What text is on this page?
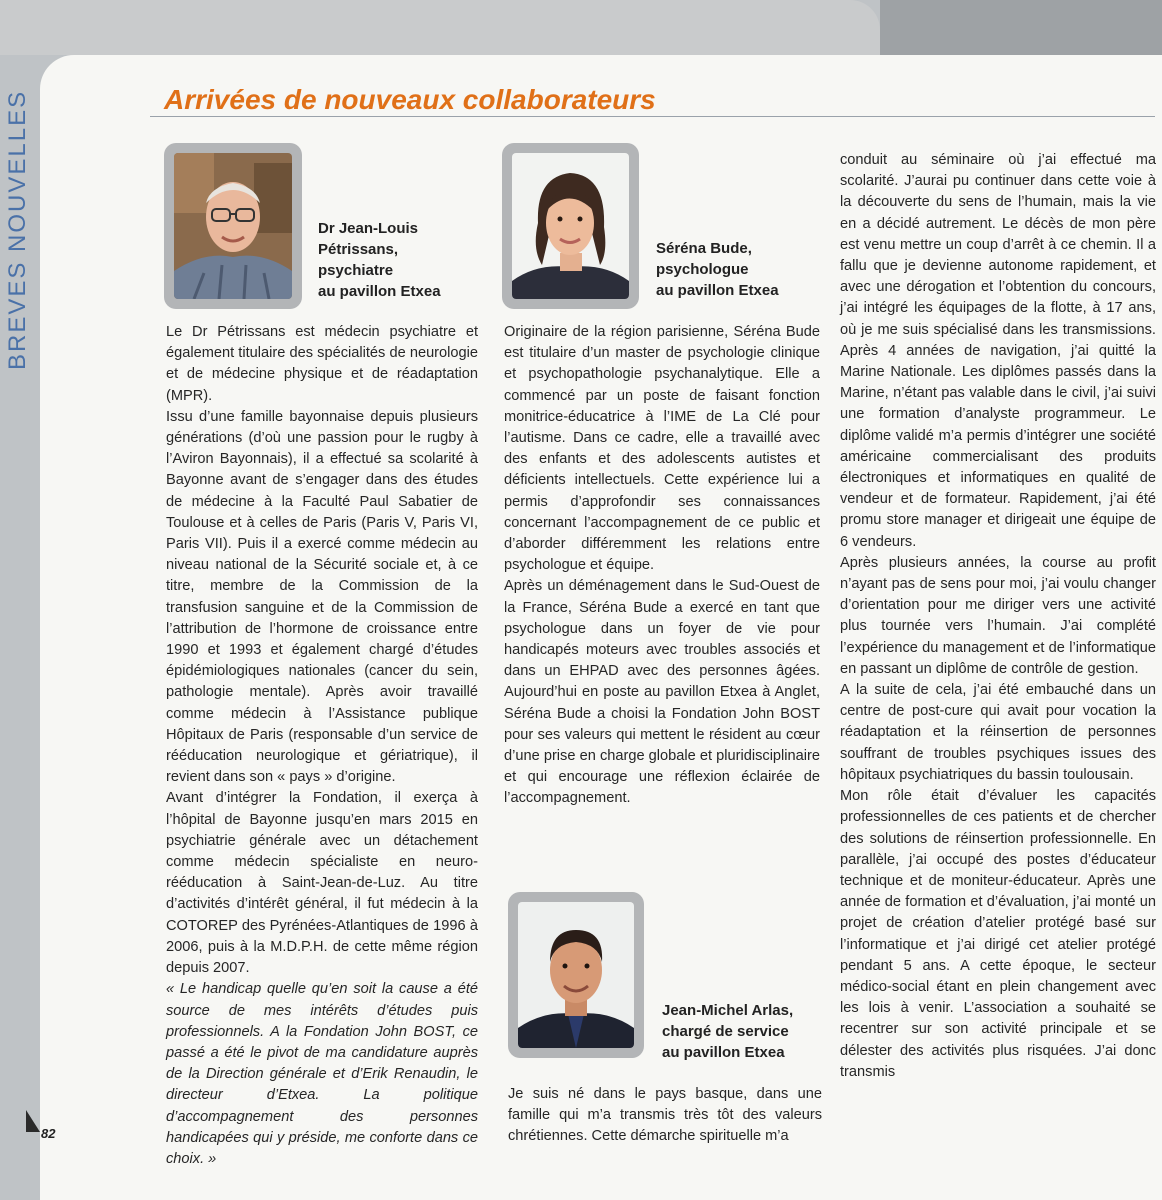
BREVES NOUVELLES	Arrivées de nouveaux collaborateurs
Dr Jean-Louis
Pétrissans,
psychiatre
au pavillon Etxea
Séréna Bude,
psychologue
au pavillon Etxea
Jean-Michel Arlas,
chargé de service
au pavillon Etxea

Le Dr Pétrissans est médecin psychiatre et également titulaire des spécialités de neurologie et de médecine physique et de réadaptation (MPR).

Issu d’une famille bayonnaise depuis plusieurs générations (d’où une passion pour le rugby à l’Aviron Bayonnais), il a effectué sa scolarité à Bayonne avant de s’engager dans des études de médecine à la Faculté Paul Sabatier de Toulouse et à celles de Paris (Paris V, Paris VI, Paris VII). Puis il a exercé comme médecin au niveau national de la Sécurité sociale et, à ce titre, membre de la Commission de la transfusion sanguine et de la Commission de l’attribution de l’hormone de croissance entre 1990 et 1993 et également chargé d’études épidémiologiques nationales (cancer du sein, pathologie mentale). Après avoir travaillé comme médecin à l’Assistance publique Hôpitaux de Paris (responsable d’un service de rééducation neurologique et gériatrique), il revient dans son « pays » d’origine.

Avant d’intégrer la Fondation, il exerça à l’hôpital de Bayonne jusqu’en mars 2015 en psychiatrie générale avec un détachement comme médecin spécialiste en neuro-rééducation à Saint-Jean-de-Luz. Au titre d’activités d’intérêt général, il fut médecin à la COTOREP des Pyrénées-Atlantiques de 1996 à 2006, puis à la M.D.P.H. de cette même région depuis 2007.

« Le handicap quelle qu’en soit la cause a été source de mes intérêts d’études puis professionnels. A la Fondation John BOST, ce passé a été le pivot de ma candidature auprès de la Direction générale et d’Erik Renaudin, le directeur d’Etxea. La politique d’accompagnement des personnes handicapées qui y préside, me conforte dans ce choix. »

Originaire de la région parisienne, Séréna Bude est titulaire d’un master de psychologie clinique et psychopathologie psychanalytique. Elle a commencé par un poste de faisant fonction monitrice-éducatrice à l’IME de La Clé pour l’autisme. Dans ce cadre, elle a travaillé avec des enfants et des adolescents autistes et déficients intellectuels. Cette expérience lui a permis d’approfondir ses connaissances concernant l’accompagnement de ce public et d’aborder différemment les relations entre psychologue et équipe.

Après un déménagement dans le Sud-Ouest de la France, Séréna Bude a exercé en tant que psychologue dans un foyer de vie pour handicapés moteurs avec troubles associés et dans un EHPAD avec des personnes âgées. Aujourd’hui en poste au pavillon Etxea à Anglet, Séréna Bude a choisi la Fondation John BOST pour ses valeurs qui mettent le résident au cœur d’une prise en charge globale et pluridisciplinaire et qui encourage une réflexion éclairée de l’accompagnement.

Je suis né dans le pays basque, dans une famille qui m’a transmis très tôt des valeurs chrétiennes. Cette démarche spirituelle m’a

conduit au séminaire où j’ai effectué ma scolarité. J’aurai pu continuer dans cette voie à la découverte du sens de l’humain, mais la vie en a décidé autrement. Le décès de mon père est venu mettre un coup d’arrêt à ce chemin. Il a fallu que je devienne autonome rapidement, et avec une dérogation et l’obtention du concours, j’ai intégré les équipages de la flotte, à 17 ans, où je me suis spécialisé dans les transmissions. Après 4 années de navigation, j’ai quitté la Marine Nationale. Les diplômes passés dans la Marine, n’étant pas valable dans le civil, j’ai suivi une formation d’analyste programmeur. Le diplôme validé m’a permis d’intégrer une société américaine commercialisant des produits électroniques et informatiques en qualité de vendeur et de formateur. Rapidement, j’ai été promu store manager et dirigeait une équipe de 6 vendeurs.

Après plusieurs années, la course au profit n’ayant pas de sens pour moi, j’ai voulu changer d’orientation pour me diriger vers une activité plus tournée vers l’humain. J’ai complété l’expérience du management et de l’informatique en passant un diplôme de contrôle de gestion.

A la suite de cela, j’ai été embauché dans un centre de post-cure qui avait pour vocation la réadaptation et la réinsertion de personnes souffrant de troubles psychiques issues des hôpitaux psychiatriques du bassin toulousain.

Mon rôle était d’évaluer les capacités professionnelles de ces patients et de chercher des solutions de réinsertion professionnelle. En parallèle, j’ai occupé des postes d’éducateur technique et de moniteur-éducateur. Après une année de formation et d’évaluation, j’ai monté un projet de création d’atelier protégé basé sur l’informatique et j’ai dirigé cet atelier protégé pendant 5 ans. A cette époque, le secteur médico-social étant en plein changement avec les lois à venir. L’association a souhaité se recentrer sur son activité principale et se délester des activités plus risquées. J’ai donc transmis

82
